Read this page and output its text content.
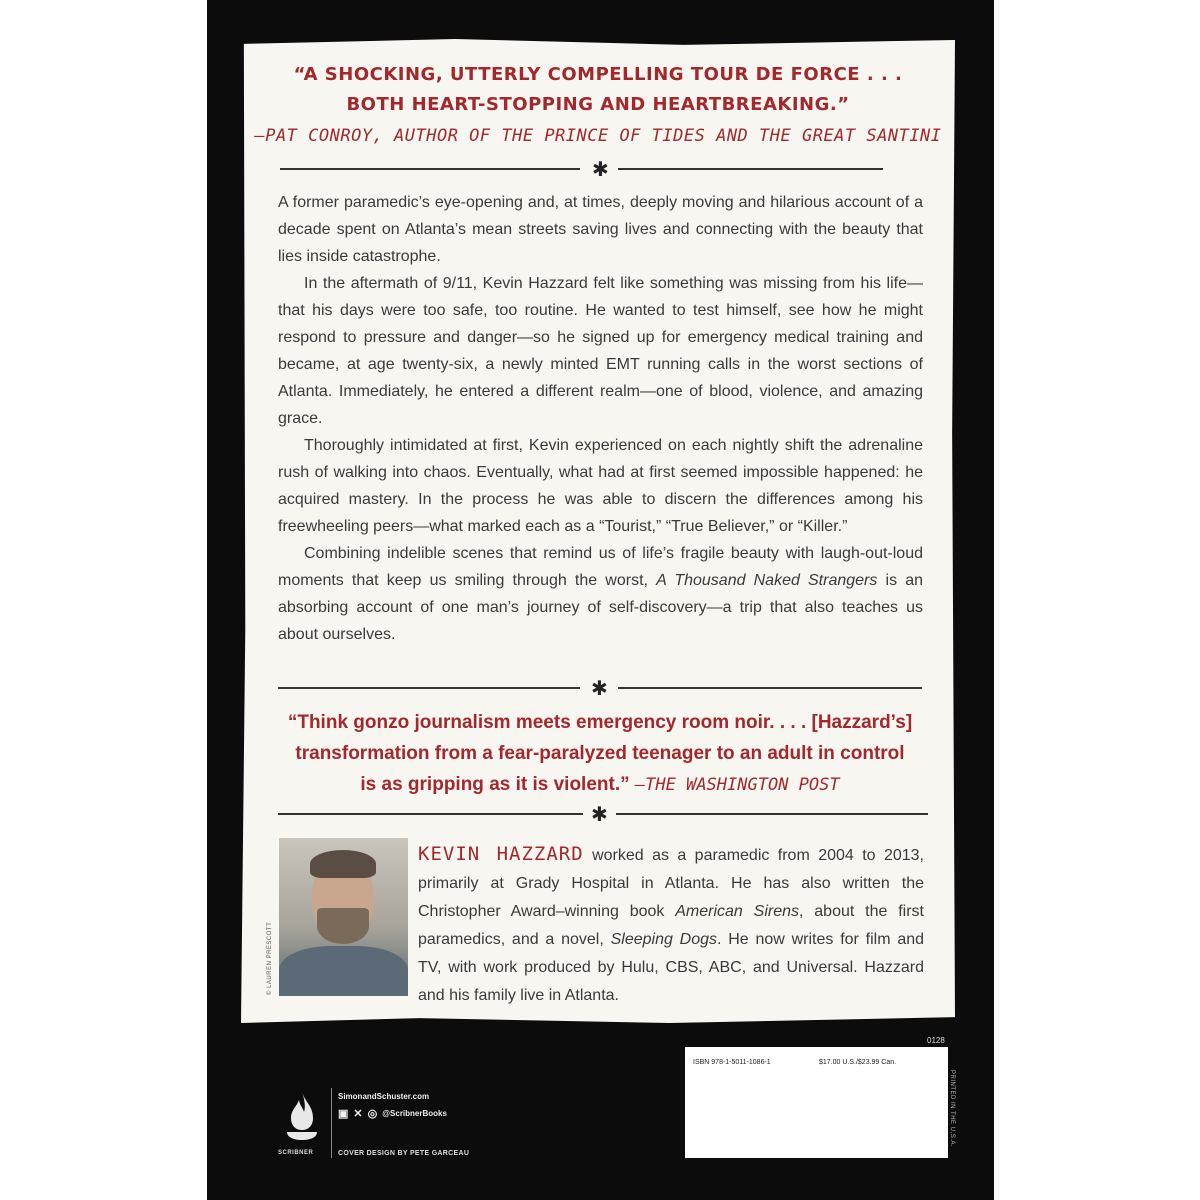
“A SHOCKING, UTTERLY COMPELLING TOUR DE FORCE . . .
BOTH HEART-STOPPING AND HEARTBREAKING.”
—PAT CONROY, AUTHOR OF THE PRINCE OF TIDES AND THE GREAT SANTINI
✱

A former paramedic’s eye-opening and, at times, deeply moving and hilarious account of a decade spent on Atlanta’s mean streets saving lives and connecting with the beauty that lies inside catastrophe.

In the aftermath of 9/11, Kevin Hazzard felt like something was missing from his life—that his days were too safe, too routine. He wanted to test himself, see how he might respond to pressure and danger—so he signed up for emergency medical training and became, at age twenty-six, a newly minted EMT running calls in the worst sections of Atlanta. Immediately, he entered a different realm—one of blood, violence, and amazing grace.

Thoroughly intimidated at first, Kevin experienced on each nightly shift the adrenaline rush of walking into chaos. Eventually, what had at first seemed impossible happened: he acquired mastery. In the process he was able to discern the differences among his freewheeling peers—what marked each as a “Tourist,” “True Believer,” or “Killer.”

Combining indelible scenes that remind us of life’s fragile beauty with laugh-out-loud moments that keep us smiling through the worst, A Thousand Naked Strangers is an absorbing account of one man’s journey of self-discovery—a trip that also teaches us about ourselves.

✱
“Think gonzo journalism meets emergency room noir. . . . [Hazzard’s]
transformation from a fear-paralyzed teenager to an adult in control
is as gripping as it is violent.” —THE WASHINGTON POST
✱
© LAUREN PRESCOTT
KEVIN HAZZARD worked as a paramedic from 2004 to 2013, primarily at Grady Hospital in Atlanta. He has also written the Christopher Award–winning book American Sirens, about the first paramedics, and a novel, Sleeping Dogs. He now writes for film and TV, with work produced by Hulu, CBS, ABC, and Universal. Hazzard and his family live in Atlanta.
0128
ISBN 978-1-5011-1086-1	$17.00 U.S./$23.99 Can.
PRINTED IN THE U.S.A.
SCRIBNER
SimonandSchuster.com
▣ ✕ ◎ @ScribnerBooks
COVER DESIGN BY PETE GARCEAU
